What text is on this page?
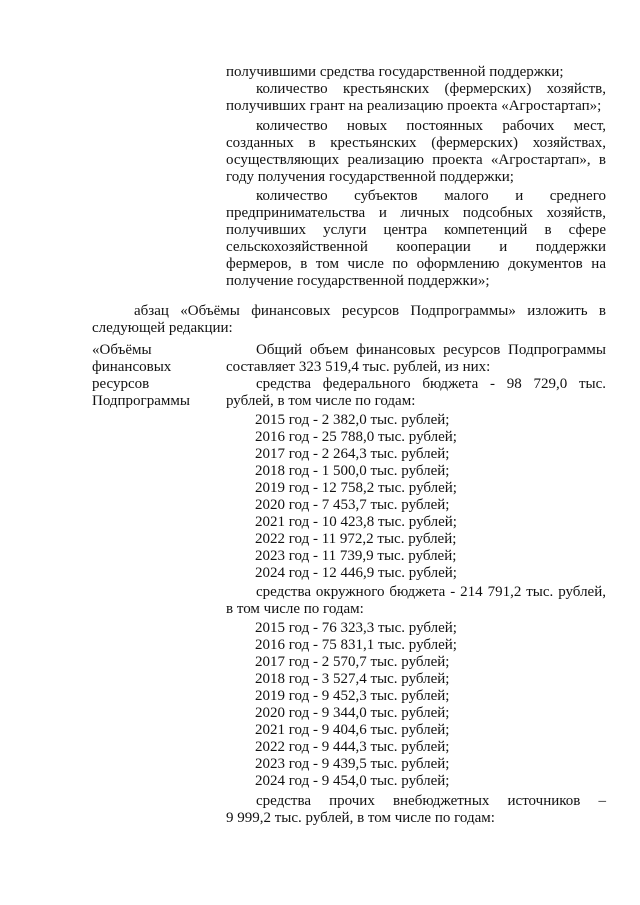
получившими средства государственной поддержки;
количество крестьянских (фермерских) хозяйств,
получивших грант на реализацию проекта «Агростартап»;
количество новых постоянных рабочих мест,
созданных в крестьянских (фермерских) хозяйствах,
осуществляющих реализацию проекта «Агростартап», в
году получения государственной поддержки;
количество субъектов малого и среднего
предпринимательства и личных подсобных хозяйств,
получивших услуги центра компетенций в сфере
сельскохозяйственной кооперации и поддержки
фермеров, в том числе по оформлению документов на
получение государственной поддержки»;
абзац «Объёмы финансовых ресурсов Подпрограммы» изложить в
следующей редакции:
«Объёмы
финансовых
ресурсов
Подпрограммы
Общий объем финансовых ресурсов Подпрограммы
составляет 323 519,4 тыс. рублей, из них:
средства федерального бюджета - 98 729,0 тыс.
рублей, в том числе по годам:
2015 год - 2 382,0 тыс. рублей;
2016 год - 25 788,0 тыс. рублей;
2017 год - 2 264,3 тыс. рублей;
2018 год - 1 500,0 тыс. рублей;
2019 год - 12 758,2 тыс. рублей;
2020 год - 7 453,7 тыс. рублей;
2021 год - 10 423,8 тыс. рублей;
2022 год - 11 972,2 тыс. рублей;
2023 год - 11 739,9 тыс. рублей;
2024 год - 12 446,9 тыс. рублей;
средства окружного бюджета - 214 791,2 тыс. рублей,
в том числе по годам:
2015 год - 76 323,3 тыс. рублей;
2016 год - 75 831,1 тыс. рублей;
2017 год - 2 570,7 тыс. рублей;
2018 год - 3 527,4 тыс. рублей;
2019 год - 9 452,3 тыс. рублей;
2020 год - 9 344,0 тыс. рублей;
2021 год - 9 404,6 тыс. рублей;
2022 год - 9 444,3 тыс. рублей;
2023 год - 9 439,5 тыс. рублей;
2024 год - 9 454,0 тыс. рублей;
средства прочих внебюджетных источников –
9 999,2 тыс. рублей, в том числе по годам:
